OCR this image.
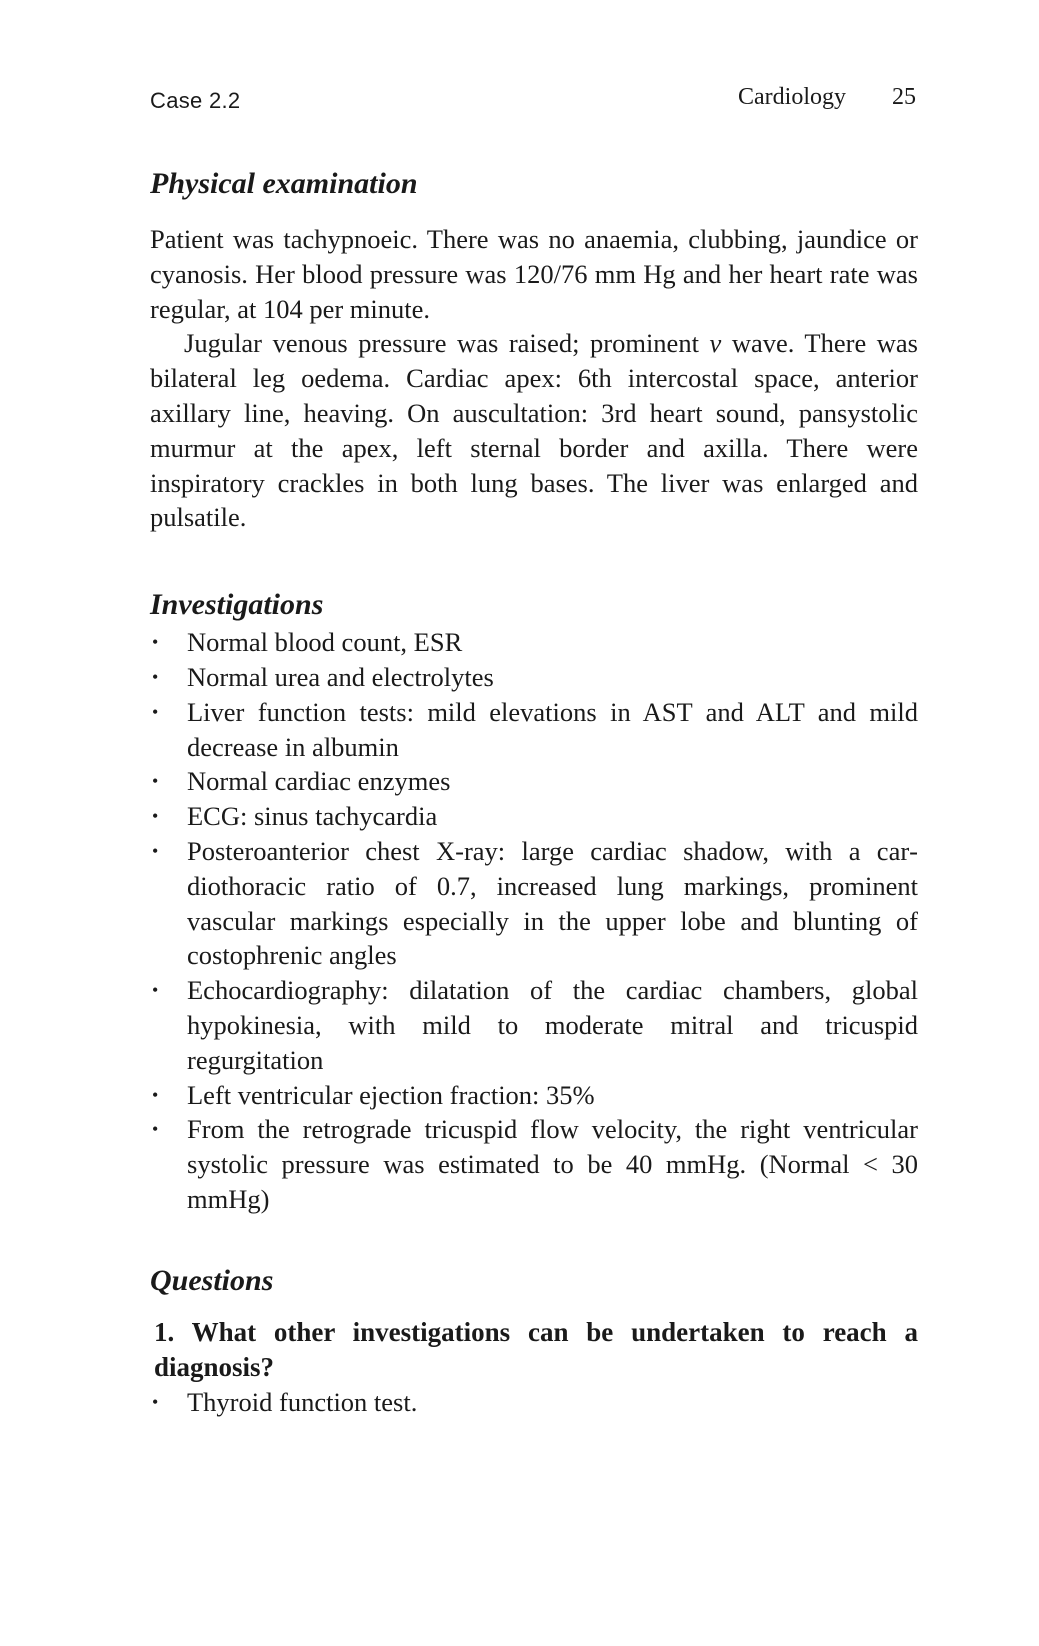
Case 2.2	Cardiology 25
Physical examination

Patient was tachypnoeic. There was no anaemia, clubbing, jaundice or cyanosis. Her blood pressure was 120/76 mm Hg and her heart rate was regular, at 104 per minute.

Jugular venous pressure was raised; prominent v wave. There was bilateral leg oedema. Cardiac apex: 6th intercostal space, anterior axillary line, heaving. On auscultation: 3rd heart sound, pansystolic murmur at the apex, left sternal border and axilla. There were inspiratory crackles in both lung bases. The liver was enlarged and pulsatile.

Investigations
• Normal blood count, ESR
• Normal urea and electrolytes
• Liver function tests: mild elevations in AST and ALT and mild decrease in albumin
• Normal cardiac enzymes
• ECG: sinus tachycardia
• Posteroanterior chest X-ray: large cardiac shadow, with a cardiothoracic ratio of 0.7, increased lung markings, prominent vascular markings especially in the upper lobe and blunting of costophrenic angles
• Echocardiography: dilatation of the cardiac chambers, global hypokinesia, with mild to moderate mitral and tricuspid regurgitation
• Left ventricular ejection fraction: 35%
• From the retrograde tricuspid flow velocity, the right ventricular systolic pressure was estimated to be 40 mmHg. (Normal < 30 mmHg)
Questions
1. What other investigations can be undertaken to reach a diagnosis?
• Thyroid function test.
